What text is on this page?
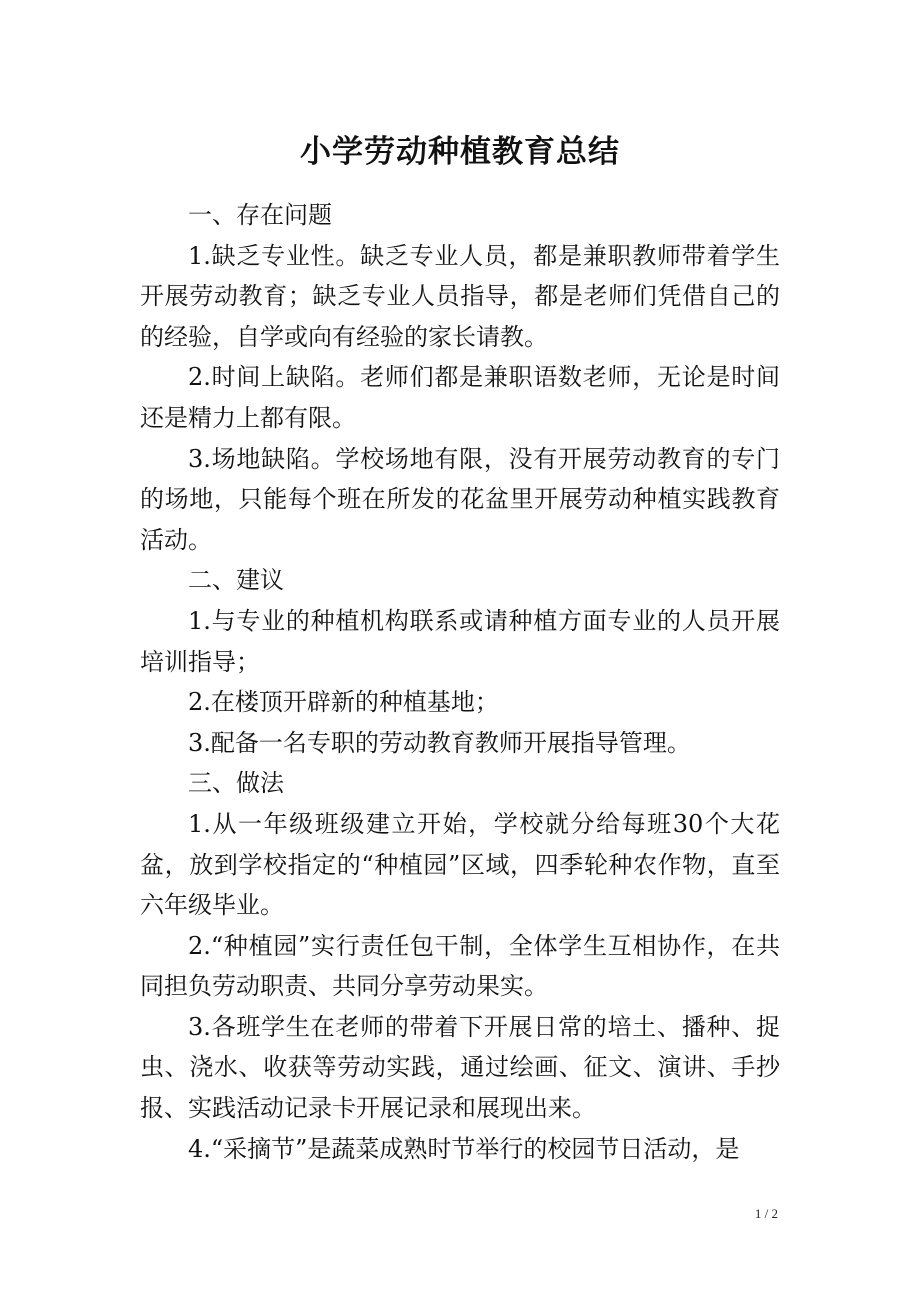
小学劳动种植教育总结

一、存在问题

1.缺乏专业性。缺乏专业人员，都是兼职教师带着学生开展劳动教育；缺乏专业人员指导，都是老师们凭借自己的的经验，自学或向有经验的家长请教。

2.时间上缺陷。老师们都是兼职语数老师，无论是时间还是精力上都有限。

3.场地缺陷。学校场地有限，没有开展劳动教育的专门的场地，只能每个班在所发的花盆里开展劳动种植实践教育活动。

二、建议

1.与专业的种植机构联系或请种植方面专业的人员开展培训指导；

2.在楼顶开辟新的种植基地；

3.配备一名专职的劳动教育教师开展指导管理。

三、做法

1.从一年级班级建立开始，学校就分给每班30个大花盆，放到学校指定的“种植园”区域，四季轮种农作物，直至六年级毕业。

2.“种植园”实行责任包干制，全体学生互相协作，在共同担负劳动职责、共同分享劳动果实。

3.各班学生在老师的带着下开展日常的培土、播种、捉虫、浇水、收获等劳动实践，通过绘画、征文、演讲、手抄报、实践活动记录卡开展记录和展现出来。

4.“采摘节”是蔬菜成熟时节举行的校园节日活动，是

1 / 2
